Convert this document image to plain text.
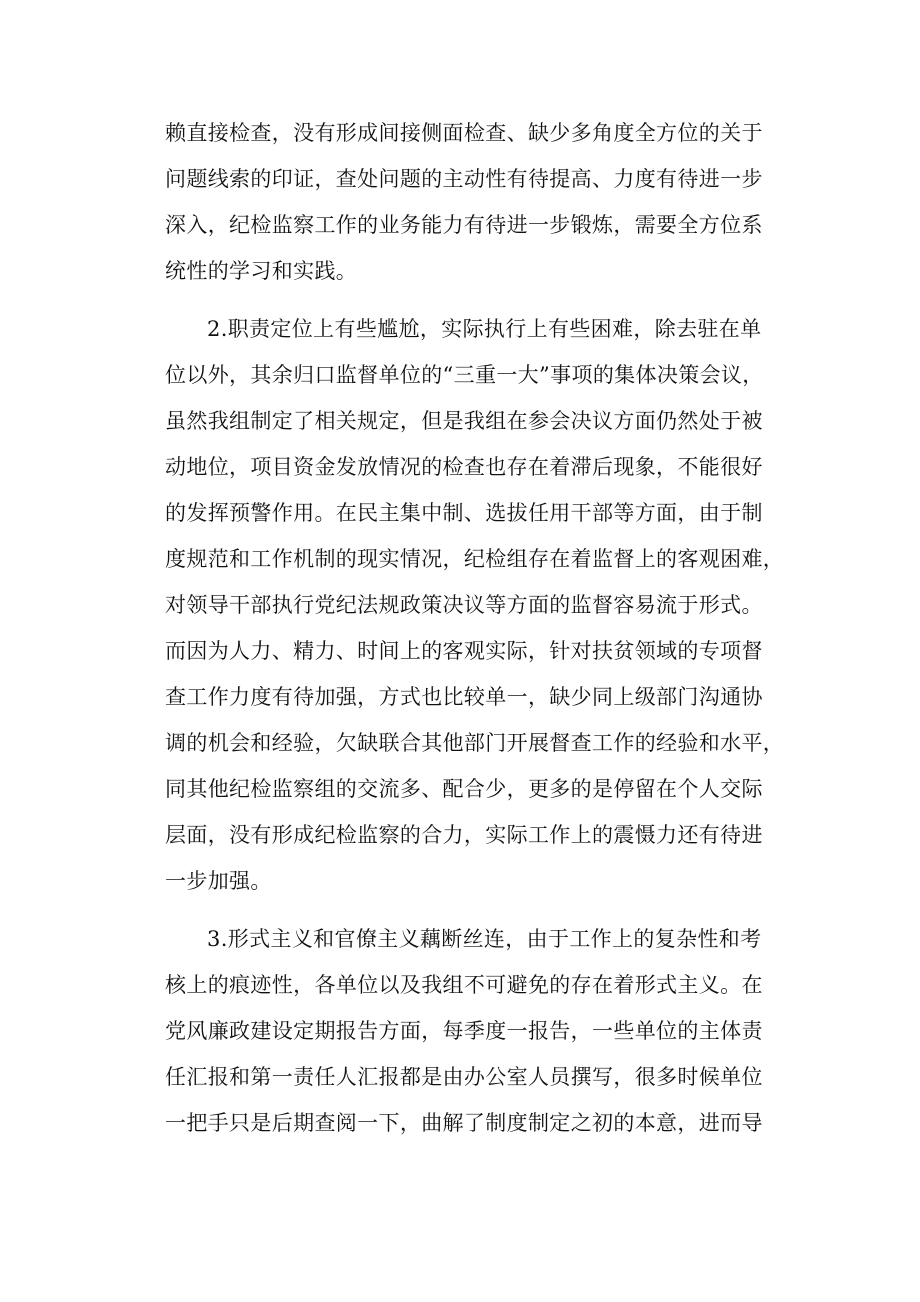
赖直接检查，没有形成间接侧面检查、缺少多角度全方位的关于
问题线索的印证，查处问题的主动性有待提高、力度有待进一步
深入，纪检监察工作的业务能力有待进一步锻炼，需要全方位系
统性的学习和实践。
2.职责定位上有些尴尬，实际执行上有些困难，除去驻在单
位以外，其余归口监督单位的“三重一大”事项的集体决策会议，
虽然我组制定了相关规定，但是我组在参会决议方面仍然处于被
动地位，项目资金发放情况的检查也存在着滞后现象，不能很好
的发挥预警作用。在民主集中制、选拔任用干部等方面，由于制
度规范和工作机制的现实情况，纪检组存在着监督上的客观困难，
对领导干部执行党纪法规政策决议等方面的监督容易流于形式。
而因为人力、精力、时间上的客观实际，针对扶贫领域的专项督
查工作力度有待加强，方式也比较单一，缺少同上级部门沟通协
调的机会和经验，欠缺联合其他部门开展督查工作的经验和水平，
同其他纪检监察组的交流多、配合少，更多的是停留在个人交际
层面，没有形成纪检监察的合力，实际工作上的震慑力还有待进
一步加强。
3.形式主义和官僚主义藕断丝连，由于工作上的复杂性和考
核上的痕迹性，各单位以及我组不可避免的存在着形式主义。在
党风廉政建设定期报告方面，每季度一报告，一些单位的主体责
任汇报和第一责任人汇报都是由办公室人员撰写，很多时候单位
一把手只是后期查阅一下，曲解了制度制定之初的本意，进而导
